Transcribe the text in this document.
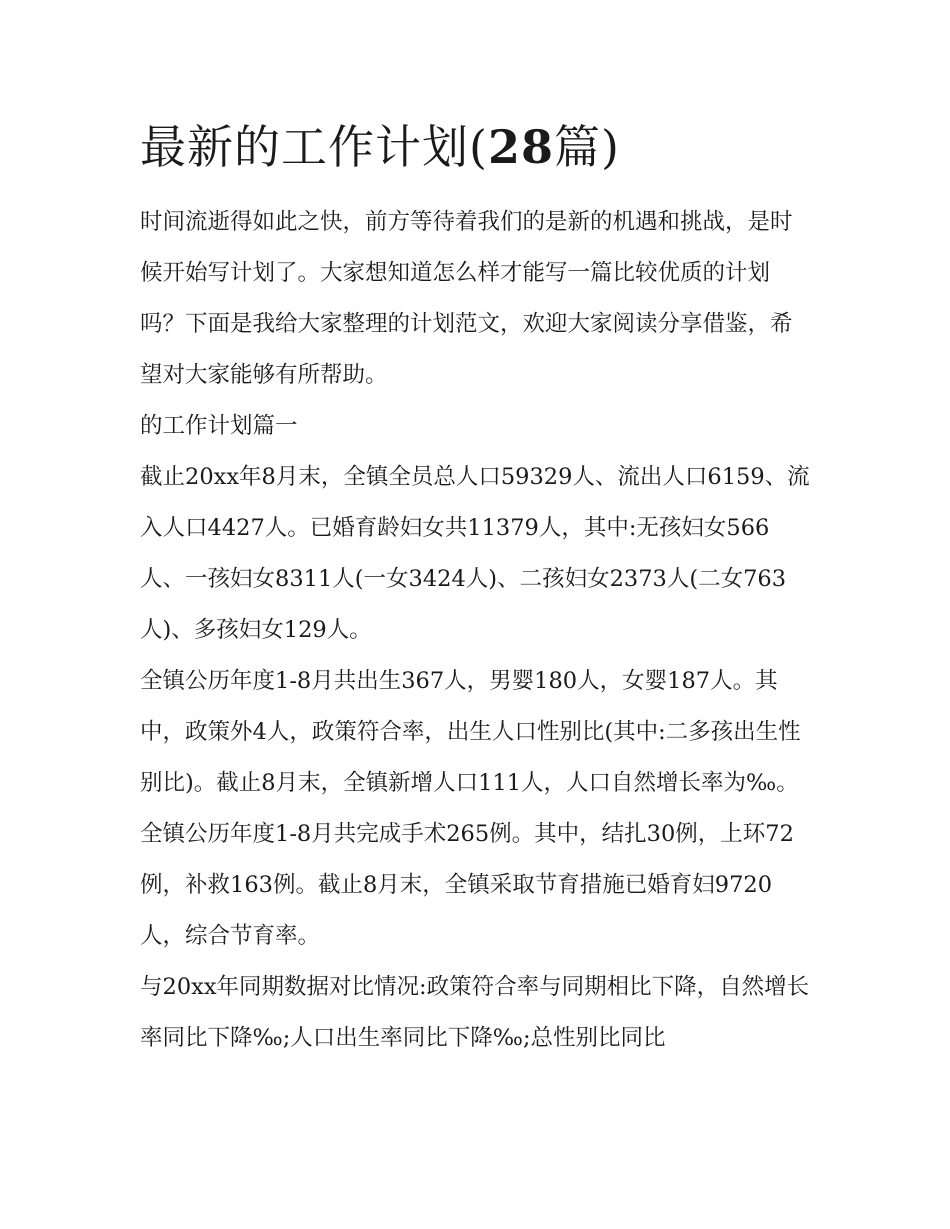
最新的工作计划(28篇)

时间流逝得如此之快，前方等待着我们的是新的机遇和挑战，是时候开始写计划了。大家想知道怎么样才能写一篇比较优质的计划吗？下面是我给大家整理的计划范文，欢迎大家阅读分享借鉴，希望对大家能够有所帮助。

的工作计划篇一

截止20xx年8月末，全镇全员总人口59329人、流出人口6159、流入人口4427人。已婚育龄妇女共11379人，其中:无孩妇女566人、一孩妇女8311人(一女3424人)、二孩妇女2373人(二女763人)、多孩妇女129人。

全镇公历年度1-8月共出生367人，男婴180人，女婴187人。其中，政策外4人，政策符合率，出生人口性别比(其中:二多孩出生性别比)。截止8月末，全镇新增人口111人，人口自然增长率为‰。

全镇公历年度1-8月共完成手术265例。其中，结扎30例，上环72例，补救163例。截止8月末，全镇采取节育措施已婚育妇9720人，综合节育率。

与20xx年同期数据对比情况:政策符合率与同期相比下降，自然增长率同比下降‰;人口出生率同比下降‰;总性别比同比
